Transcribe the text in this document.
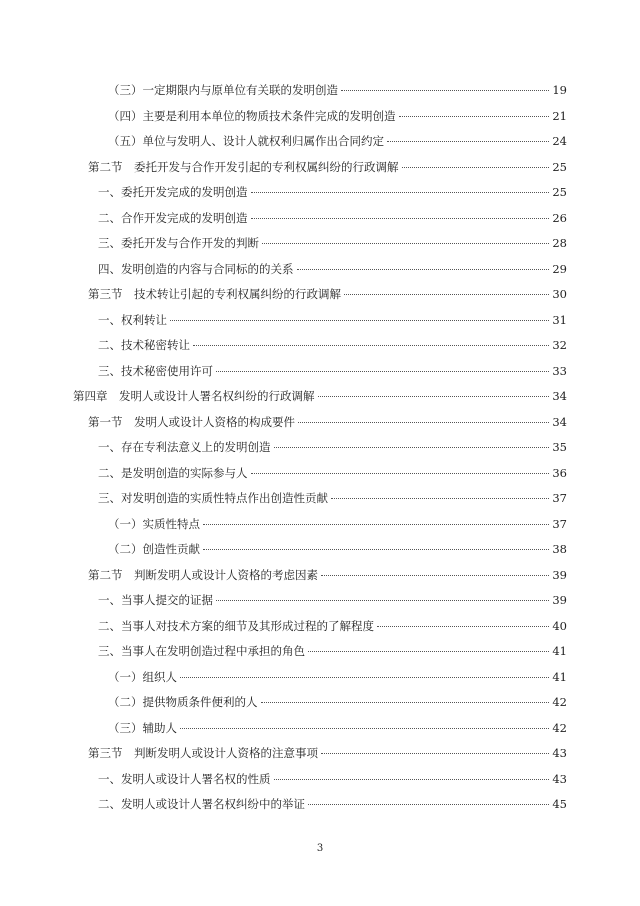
（三）一定期限内与原单位有关联的发明创造	19
（四）主要是利用本单位的物质技术条件完成的发明创造	21
（五）单位与发明人、设计人就权利归属作出合同约定	24
第二节　委托开发与合作开发引起的专利权属纠纷的行政调解	25
一、委托开发完成的发明创造	25
二、合作开发完成的发明创造	26
三、委托开发与合作开发的判断	28
四、发明创造的内容与合同标的的关系	29
第三节　技术转让引起的专利权属纠纷的行政调解	30
一、权利转让	31
二、技术秘密转让	32
三、技术秘密使用许可	33
第四章　发明人或设计人署名权纠纷的行政调解	34
第一节　发明人或设计人资格的构成要件	34
一、存在专利法意义上的发明创造	35
二、是发明创造的实际参与人	36
三、对发明创造的实质性特点作出创造性贡献	37
（一）实质性特点	37
（二）创造性贡献	38
第二节　判断发明人或设计人资格的考虑因素	39
一、当事人提交的证据	39
二、当事人对技术方案的细节及其形成过程的了解程度	40
三、当事人在发明创造过程中承担的角色	41
（一）组织人	41
（二）提供物质条件便利的人	42
（三）辅助人	42
第三节　判断发明人或设计人资格的注意事项	43
一、发明人或设计人署名权的性质	43
二、发明人或设计人署名权纠纷中的举证	45
3
